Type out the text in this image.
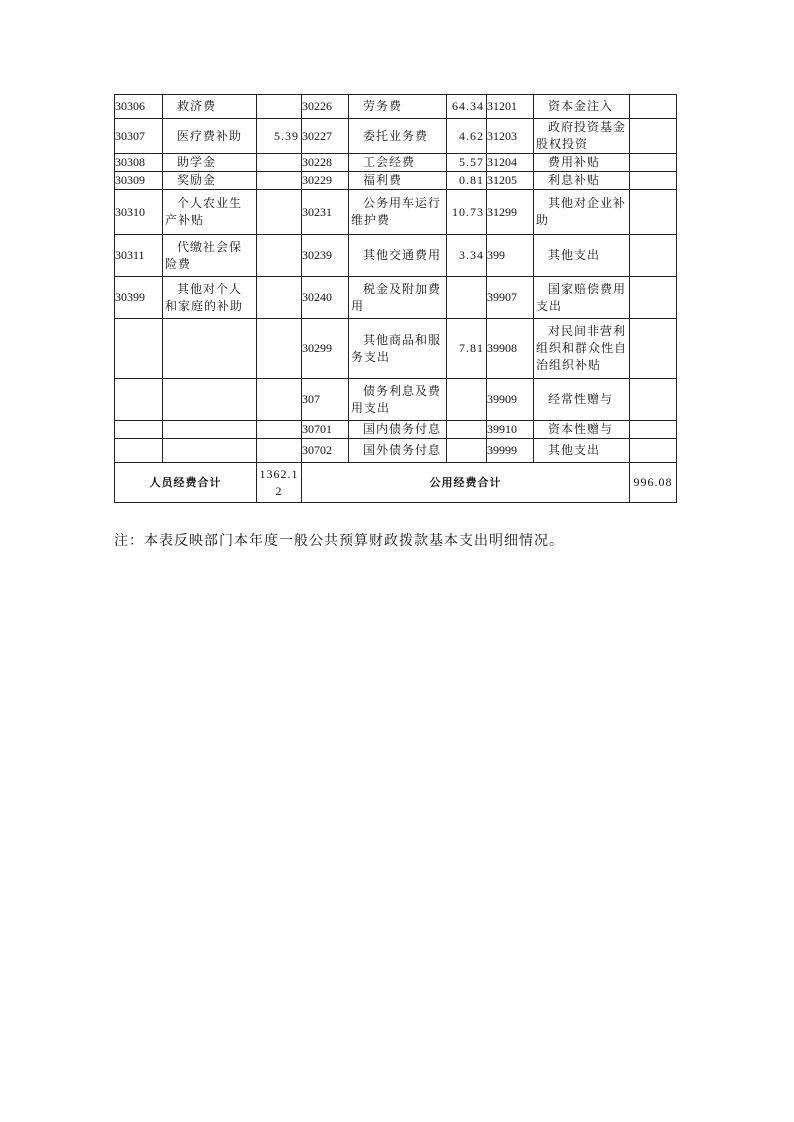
30306	救济费		30226	劳务费	64.34	31201	资本金注入	
30307	医疗费补助	5.39	30227	委托业务费	4.62	31203	政府投资基金股权投资	
30308	助学金		30228	工会经费	5.57	31204	费用补贴	
30309	奖励金		30229	福利费	0.81	31205	利息补贴	
30310	个人农业生产补贴		30231	公务用车运行维护费	10.73	31299	其他对企业补助	
30311	代缴社会保险费		30239	其他交通费用	3.34	399	其他支出	
30399	其他对个人和家庭的补助		30240	税金及附加费用		39907	国家赔偿费用支出	
			30299	其他商品和服务支出	7.81	39908	对民间非营利组织和群众性自治组织补贴	
			307	债务利息及费用支出		39909	经常性赠与	
			30701	国内债务付息		39910	资本性赠与	
			30702	国外债务付息		39999	其他支出	
人员经费合计		1362.12	公用经费合计					996.08

注：本表反映部门本年度一般公共预算财政拨款基本支出明细情况。
